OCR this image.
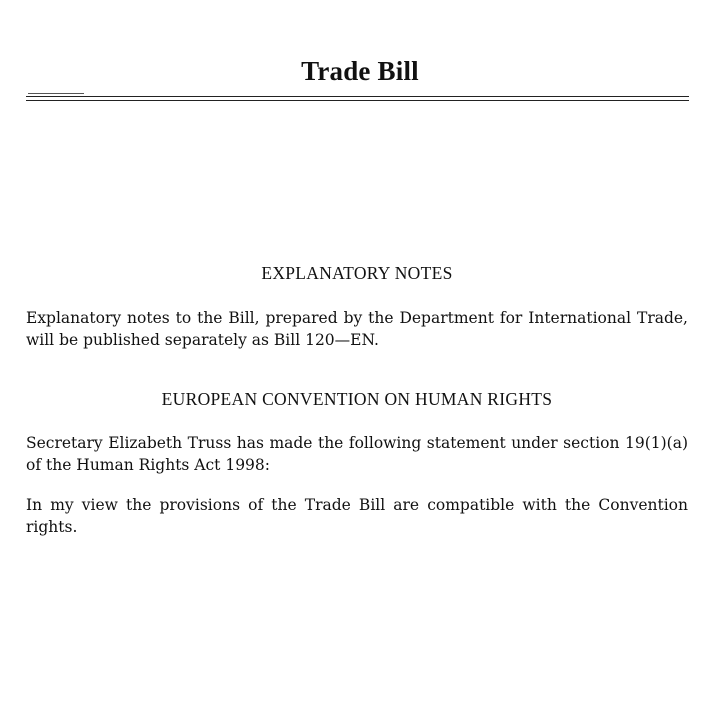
Trade Bill
EXPLANATORY NOTES

Explanatory notes to the Bill, prepared by the Department for International Trade, will be published separately as Bill 120—EN.

EUROPEAN CONVENTION ON HUMAN RIGHTS

Secretary Elizabeth Truss has made the following statement under section 19(1)(a) of the Human Rights Act 1998:

In my view the provisions of the Trade Bill are compatible with the Convention rights.
